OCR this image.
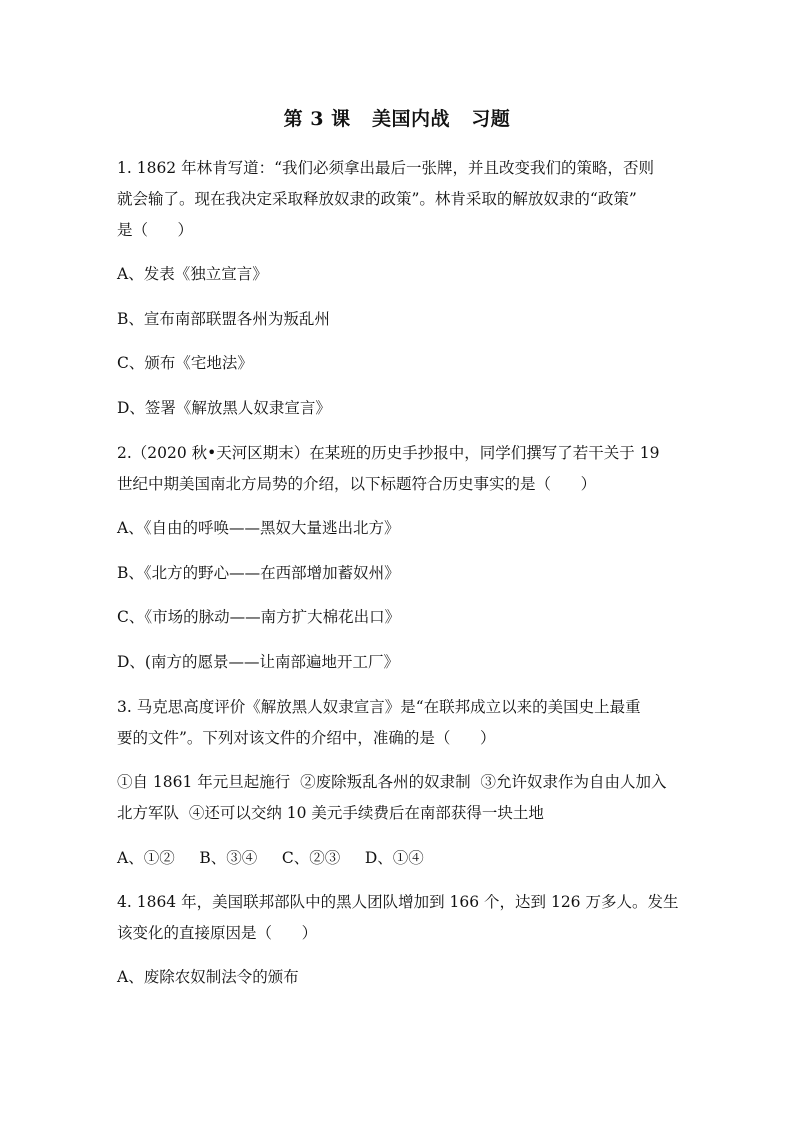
第 3 课   美国内战   习题
1. 1862 年林肯写道：“我们必须拿出最后一张牌，并且改变我们的策略，否则
就会输了。现在我决定采取释放奴隶的政策”。林肯采取的解放奴隶的“政策”
是（      ）
A、发表《独立宣言》
B、宣布南部联盟各州为叛乱州
C、颁布《宅地法》
D、签署《解放黑人奴隶宣言》
2.（2020 秋•天河区期末）在某班的历史手抄报中，同学们撰写了若干关于 19
世纪中期美国南北方局势的介绍，以下标题符合历史事实的是（      ）
A、《自由的呼唤——黑奴大量逃出北方》
B、《北方的野心——在西部增加蓄奴州》
C、《市场的脉动——南方扩大棉花出口》
D、(南方的愿景——让南部遍地开工厂》
3. 马克思高度评价《解放黑人奴隶宣言》是“在联邦成立以来的美国史上最重
要的文件”。下列对该文件的介绍中，准确的是（      ）
①自 1861 年元旦起施行  ②废除叛乱各州的奴隶制  ③允许奴隶作为自由人加入
北方军队  ④还可以交纳 10 美元手续费后在南部获得一块土地
A、①②     B、③④     C、②③     D、①④
4. 1864 年，美国联邦部队中的黑人团队增加到 166 个，达到 126 万多人。发生
该变化的直接原因是（      ）
A、废除农奴制法令的颁布
